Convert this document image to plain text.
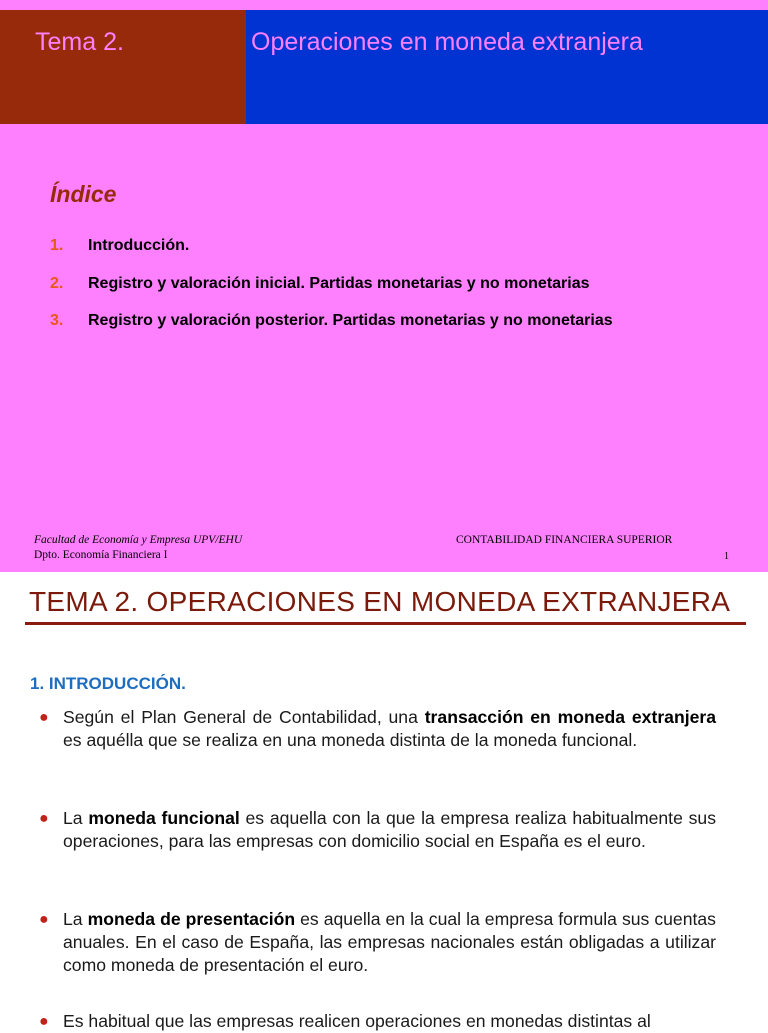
Tema 2.	Operaciones en moneda extranjera
Índice
1. Introducción.
2. Registro y valoración inicial. Partidas monetarias y no monetarias
3. Registro y valoración posterior. Partidas monetarias y no monetarias
Facultad de Economía y Empresa UPV/EHU
Dpto. Economía Financiera I
CONTABILIDAD FINANCIERA SUPERIOR
1
TEMA 2. OPERACIONES EN MONEDA EXTRANJERA
1. INTRODUCCIÓN.
● Según el Plan General de Contabilidad, una transacción en moneda extranjera es aquélla que se realiza en una moneda distinta de la moneda funcional.
● La moneda funcional es aquella con la que la empresa realiza habitualmente sus operaciones, para las empresas con domicilio social en España es el euro.
● La moneda de presentación es aquella en la cual la empresa formula sus cuentas anuales. En el caso de España, las empresas nacionales están obligadas a utilizar como moneda de presentación el euro.
● Es habitual que las empresas realicen operaciones en monedas distintas al
